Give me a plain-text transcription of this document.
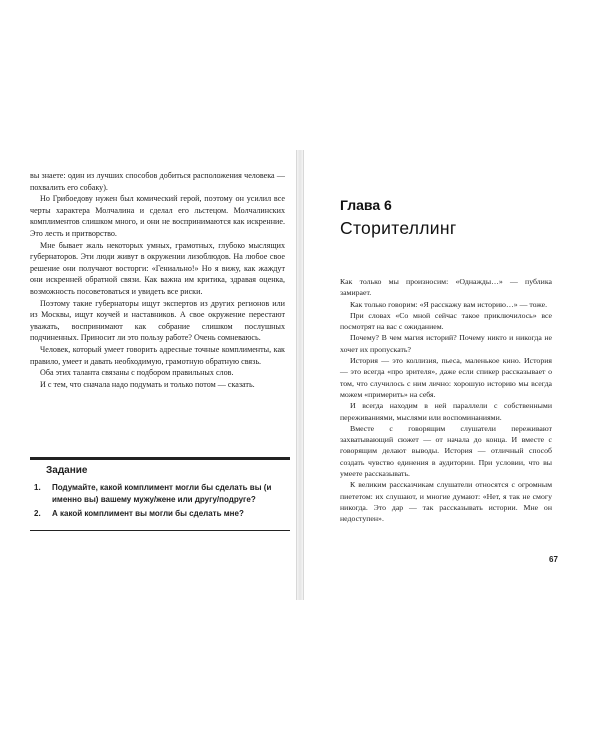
вы знаете: один из лучших способов добиться расположения человека — похвалить его собаку).

Но Грибоедову нужен был комический герой, поэтому он усилил все черты характера Молчалина и сделал его льстецом. Молчалинских комплиментов слишком много, и они не воспринимаются как искренние. Это лесть и притворство.

Мне бывает жаль некоторых умных, грамотных, глубоко мыслящих губернаторов. Эти люди живут в окружении лизоблюдов. На любое свое решение они получают восторги: «Гениально!» Но я вижу, как жаждут они искренней обратной связи. Как важна им критика, здравая оценка, возможность посоветоваться и увидеть все риски.

Поэтому такие губернаторы ищут экспертов из других регионов или из Москвы, ищут коучей и наставников. А свое окружение перестают уважать, воспринимают как собрание слишком послушных подчиненных. Приносит ли это пользу работе? Очень сомневаюсь.

Человек, который умеет говорить адресные точные комплименты, как правило, умеет и давать необходимую, грамотную обратную связь.

Оба этих таланта связаны с подбором правильных слов.

И с тем, что сначала надо подумать и только потом — сказать.

Задание
1.	Подумайте, какой комплимент могли бы сделать вы (и именно вы) вашему мужу/жене или другу/подруге?
2.	А какой комплимент вы могли бы сделать мне?
Глава 6
Сторителлинг

Как только мы произносим: «Однажды…» — публика замирает.

Как только говорим: «Я расскажу вам историю…» — тоже.

При словах «Со мной сейчас такое приключилось» все посмотрят на вас с ожиданием.

Почему? В чем магия историй? Почему никто и никогда не хочет их пропускать?

История — это коллизия, пьеса, маленькое кино. История — это всегда «про зрителя», даже если спикер рассказывает о том, что случилось с ним лично: хорошую историю мы всегда можем «примерить» на себя.

И всегда находим в ней параллели с собственными переживаниями, мыслями или воспоминаниями.

Вместе с говорящим слушатели переживают захватывающий сюжет — от начала до конца. И вместе с говорящим делают выводы. История — отличный способ создать чувство единения в аудитории. При условии, что вы умеете рассказывать.

К великим рассказчикам слушатели относятся с огромным пиететом: их слушают, и многие думают: «Нет, я так не смогу никогда. Это дар — так рассказывать истории. Мне он недоступен».

67
